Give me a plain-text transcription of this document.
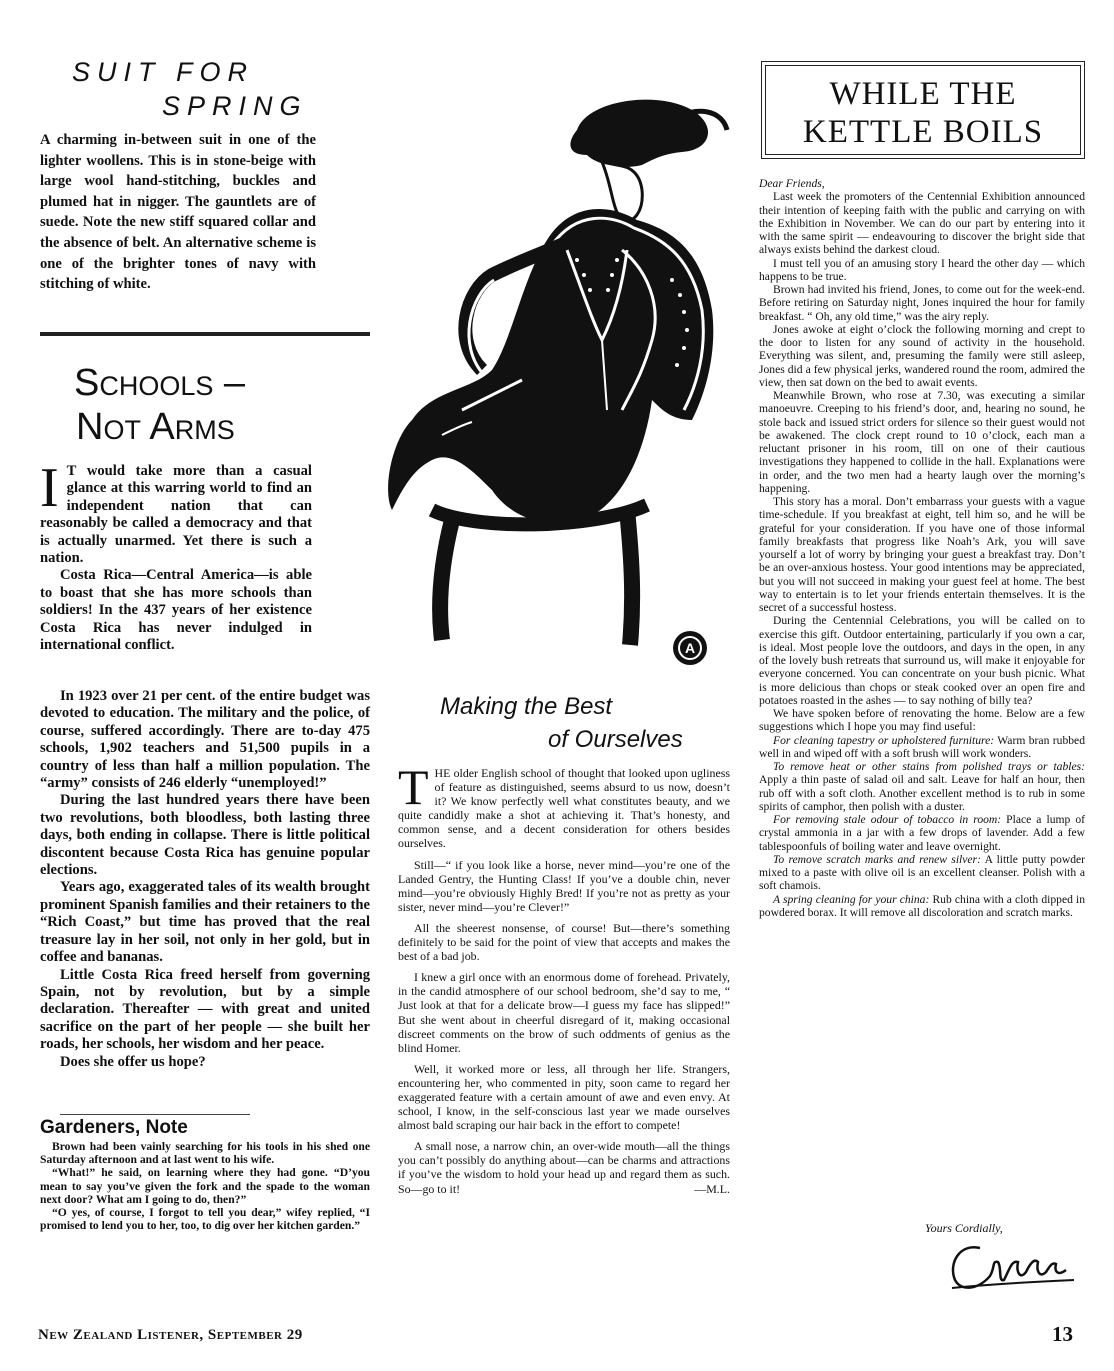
SUIT FOR
SPRING

A charming in-between suit in one of the lighter woollens. This is in stone-beige with large wool hand-stitching, buckles and plumed hat in nigger. The gauntlets are of suede. Note the new stiff squared collar and the absence of belt. An alternative scheme is one of the brighter tones of navy with stitching of white.

Schools –
Not Arms

I T would take more than a casual glance at this warring world to find an independent nation that can reasonably be called a democracy and that is actually unarmed. Yet there is such a nation.

Costa Rica—Central America—is able to boast that she has more schools than soldiers! In the 437 years of her existence Costa Rica has never indulged in international conflict.

In 1923 over 21 per cent. of the entire budget was devoted to education. The military and the police, of course, suffered accordingly. There are to-day 475 schools, 1,902 teachers and 51,500 pupils in a country of less than half a million population. The “army” consists of 246 elderly “unemployed!”

During the last hundred years there have been two revolutions, both bloodless, both lasting three days, both ending in collapse. There is little political discontent because Costa Rica has genuine popular elections.

Years ago, exaggerated tales of its wealth brought prominent Spanish families and their retainers to the “Rich Coast,” but time has proved that the real treasure lay in her soil, not only in her gold, but in coffee and bananas.

Little Costa Rica freed herself from governing Spain, not by revolution, but by a simple declaration. Thereafter — with great and united sacrifice on the part of her people — she built her roads, her schools, her wisdom and her peace.

Does she offer us hope?

Gardeners, Note

Brown had been vainly searching for his tools in his shed one Saturday afternoon and at last went to his wife.

“What!” he said, on learning where they had gone. “D’you mean to say you’ve given the fork and the spade to the woman next door? What am I going to do, then?”

“O yes, of course, I forgot to tell you dear,” wifey replied, “I promised to lend you to her, too, to dig over her kitchen garden.”

A
Making the Best
of Ourselves

THE older English school of thought that looked upon ugliness of feature as distinguished, seems absurd to us now, doesn’t it? We know perfectly well what constitutes beauty, and we quite candidly make a shot at achieving it. That’s honesty, and common sense, and a decent consideration for others besides ourselves.

Still—“ if you look like a horse, never mind—you’re one of the Landed Gentry, the Hunting Class! If you’ve a double chin, never mind—you’re obviously Highly Bred! If you’re not as pretty as your sister, never mind—you’re Clever!”

All the sheerest nonsense, of course! But—there’s something definitely to be said for the point of view that accepts and makes the best of a bad job.

I knew a girl once with an enormous dome of forehead. Privately, in the candid atmosphere of our school bedroom, she’d say to me, “ Just look at that for a delicate brow—I guess my face has slipped!” But she went about in cheerful disregard of it, making occasional discreet comments on the brow of such oddments of genius as the blind Homer.

Well, it worked more or less, all through her life. Strangers, encountering her, who commented in pity, soon came to regard her exaggerated feature with a certain amount of awe and even envy. At school, I know, in the self-conscious last year we made ourselves almost bald scraping our hair back in the effort to compete!

A small nose, a narrow chin, an over-wide mouth—all the things you can’t possibly do anything about—can be charms and attractions if you’ve the wisdom to hold your head up and regard them as such. So—go to it!	—M.L.

WHILE THE
KETTLE BOILS

Dear Friends,

Last week the promoters of the Centennial Exhibition announced their intention of keeping faith with the public and carrying on with the Exhibition in November. We can do our part by entering into it with the same spirit — endeavouring to discover the bright side that always exists behind the darkest cloud.

I must tell you of an amusing story I heard the other day — which happens to be true.

Brown had invited his friend, Jones, to come out for the week-end. Before retiring on Saturday night, Jones inquired the hour for family breakfast. “ Oh, any old time,” was the airy reply.

Jones awoke at eight o’clock the following morning and crept to the door to listen for any sound of activity in the household. Everything was silent, and, presuming the family were still asleep, Jones did a few physical jerks, wandered round the room, admired the view, then sat down on the bed to await events.

Meanwhile Brown, who rose at 7.30, was executing a similar manoeuvre. Creeping to his friend’s door, and, hearing no sound, he stole back and issued strict orders for silence so their guest would not be awakened. The clock crept round to 10 o’clock, each man a reluctant prisoner in his room, till on one of their cautious investigations they happened to collide in the hall. Explanations were in order, and the two men had a hearty laugh over the morning’s happening.

This story has a moral. Don’t embarrass your guests with a vague time-schedule. If you breakfast at eight, tell him so, and he will be grateful for your consideration. If you have one of those informal family breakfasts that progress like Noah’s Ark, you will save yourself a lot of worry by bringing your guest a breakfast tray. Don’t be an over-anxious hostess. Your good intentions may be appreciated, but you will not succeed in making your guest feel at home. The best way to entertain is to let your friends entertain themselves. It is the secret of a successful hostess.

During the Centennial Celebrations, you will be called on to exercise this gift. Outdoor entertaining, particularly if you own a car, is ideal. Most people love the outdoors, and days in the open, in any of the lovely bush retreats that surround us, will make it enjoyable for everyone concerned. You can concentrate on your bush picnic. What is more delicious than chops or steak cooked over an open fire and potatoes roasted in the ashes — to say nothing of billy tea?

We have spoken before of renovating the home. Below are a few suggestions which I hope you may find useful:

For cleaning tapestry or upholstered furniture: Warm bran rubbed well in and wiped off with a soft brush will work wonders.

To remove heat or other stains from polished trays or tables: Apply a thin paste of salad oil and salt. Leave for half an hour, then rub off with a soft cloth. Another excellent method is to rub in some spirits of camphor, then polish with a duster.

For removing stale odour of tobacco in room: Place a lump of crystal ammonia in a jar with a few drops of lavender. Add a few tablespoonfuls of boiling water and leave overnight.

To remove scratch marks and renew silver: A little putty powder mixed to a paste with olive oil is an excellent cleanser. Polish with a soft chamois.

A spring cleaning for your china: Rub china with a cloth dipped in powdered borax. It will remove all discoloration and scratch marks.

Yours Cordially,
Cynthia
New Zealand Listener, September 29	13
